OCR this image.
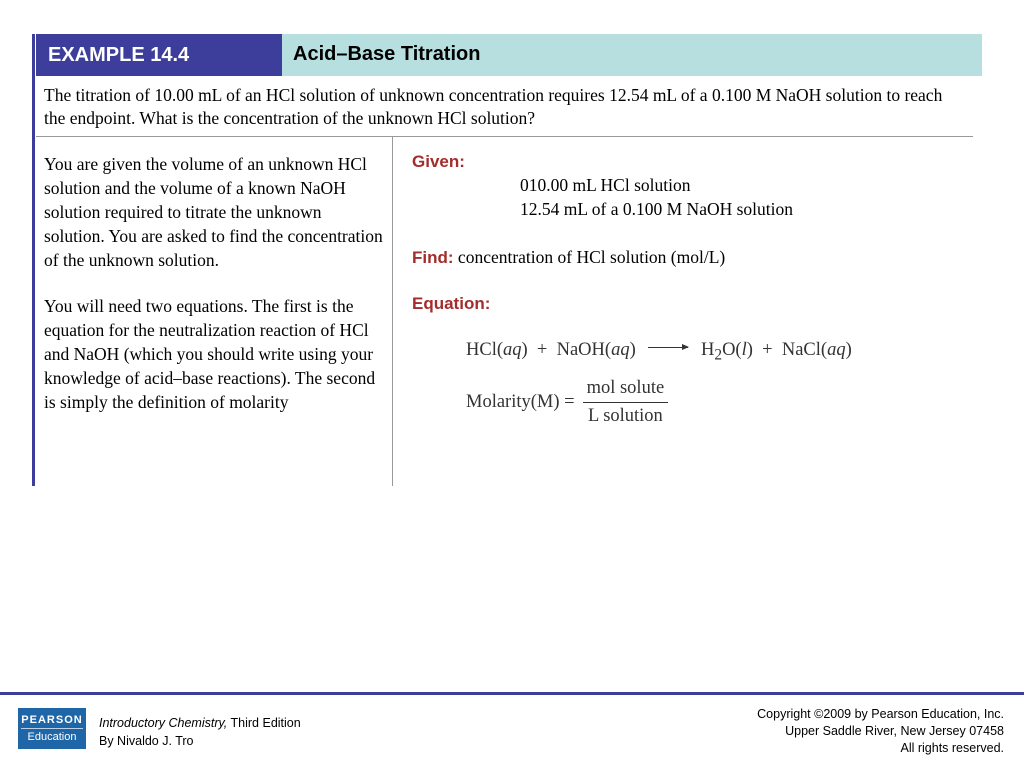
EXAMPLE 14.4	Acid–Base Titration

The titration of 10.00 mL of an HCl solution of unknown concentration requires 12.54 mL of a 0.100 M NaOH solution to reach the endpoint. What is the concentration of the unknown HCl solution?

You are given the volume of an unknown HCl solution and the volume of a known NaOH solution required to titrate the unknown solution. You are asked to find the concentration of the unknown solution.

You will need two equations. The first is the equation for the neutralization reaction of HCl and NaOH (which you should write using your knowledge of acid–base reactions). The second is simply the definition of molarity

Given:
010.00 mL HCl solution
12.54 mL of a 0.100 M NaOH solution
Find: concentration of HCl solution (mol/L)
Equation:
HCl(aq) + NaOH(aq) → $H_2O(l)$ + NaCl(aq)
Molarity(M)
= $\frac{\text{mol solute}}{\text{L solution}}$
PEARSON
Education
Introductory Chemistry, Third Edition
By Nivaldo J. Tro
Copyright ©2009 by Pearson Education, Inc.
Upper Saddle River, New Jersey 07458
All rights reserved.
